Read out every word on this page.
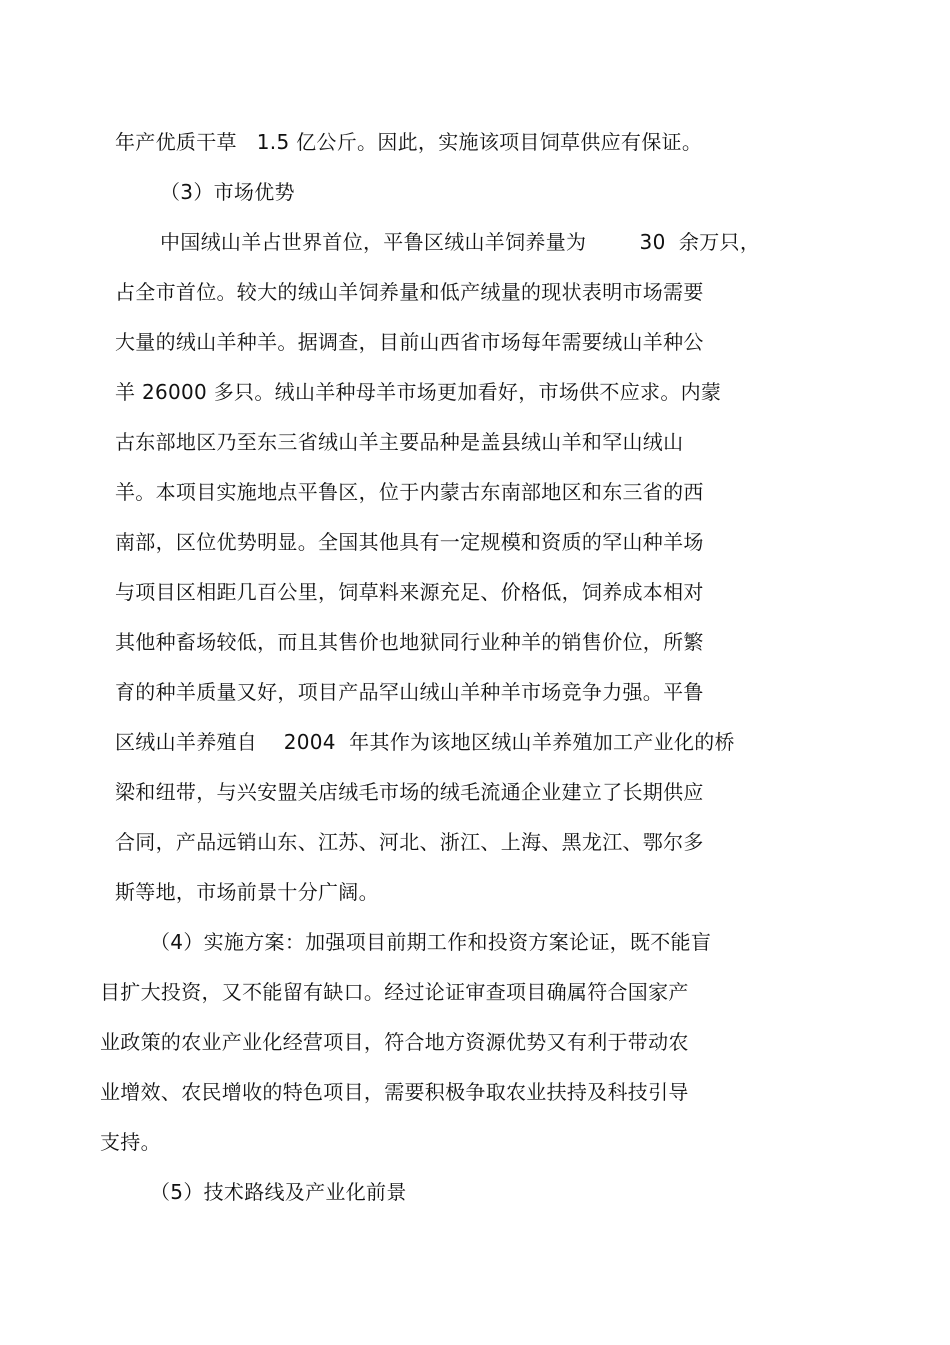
年产优质干草   1.5 亿公斤。因此，实施该项目饲草供应有保证。
（3）市场优势
中国绒山羊占世界首位，平鲁区绒山羊饲养量为        30  余万只，
占全市首位。较大的绒山羊饲养量和低产绒量的现状表明市场需要
大量的绒山羊种羊。据调查，目前山西省市场每年需要绒山羊种公
羊 26000 多只。绒山羊种母羊市场更加看好，市场供不应求。内蒙
古东部地区乃至东三省绒山羊主要品种是盖县绒山羊和罕山绒山
羊。本项目实施地点平鲁区，位于内蒙古东南部地区和东三省的西
南部，区位优势明显。全国其他具有一定规模和资质的罕山种羊场
与项目区相距几百公里，饲草料来源充足、价格低，饲养成本相对
其他种畜场较低，而且其售价也地狱同行业种羊的销售价位，所繁
育的种羊质量又好，项目产品罕山绒山羊种羊市场竞争力强。平鲁
区绒山羊养殖自    2004  年其作为该地区绒山羊养殖加工产业化的桥
梁和纽带，与兴安盟关店绒毛市场的绒毛流通企业建立了长期供应
合同，产品远销山东、江苏、河北、浙江、上海、黑龙江、鄂尔多
斯等地，市场前景十分广阔。
（4）实施方案：加强项目前期工作和投资方案论证，既不能盲
目扩大投资，又不能留有缺口。经过论证审查项目确属符合国家产
业政策的农业产业化经营项目，符合地方资源优势又有利于带动农
业增效、农民增收的特色项目，需要积极争取农业扶持及科技引导
支持。
（5）技术路线及产业化前景
